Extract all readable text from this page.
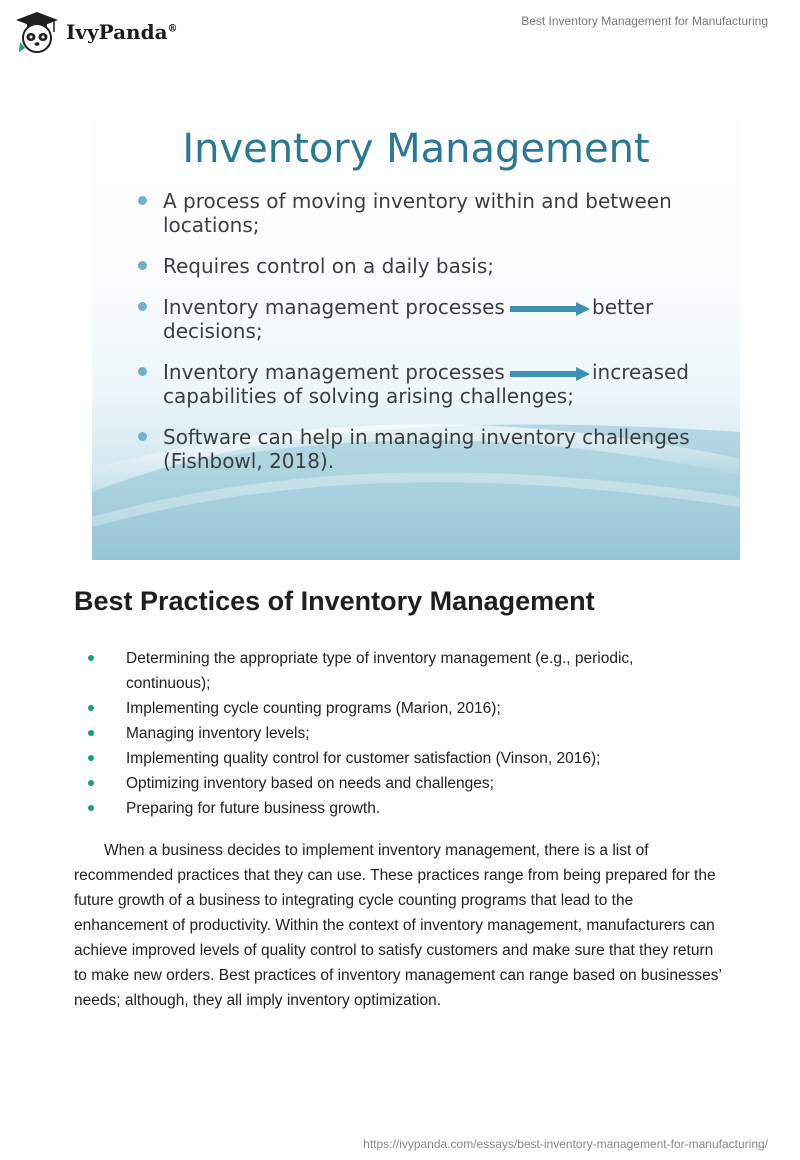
IvyPanda®
Best Inventory Management for Manufacturing
Inventory Management
A process of moving inventory within and between
locations;
Requires control on a daily basis;
Inventory management processes
decisions;
better
Inventory management processes
capabilities of solving arising challenges;
increased
Software can help in managing inventory challenges
(Fishbowl, 2018).
Best Practices of Inventory Management
Determining the appropriate type of inventory management (e.g., periodic, continuous);
Implementing cycle counting programs (Marion, 2016);
Managing inventory levels;
Implementing quality control for customer satisfaction (Vinson, 2016);
Optimizing inventory based on needs and challenges;
Preparing for future business growth.

When a business decides to implement inventory management, there is a list of recommended practices that they can use. These practices range from being prepared for the future growth of a business to integrating cycle counting programs that lead to the enhancement of productivity. Within the context of inventory management, manufacturers can achieve improved levels of quality control to satisfy customers and make sure that they return to make new orders. Best practices of inventory management can range based on businesses’ needs; although, they all imply inventory optimization.

https://ivypanda.com/essays/best-inventory-management-for-manufacturing/
